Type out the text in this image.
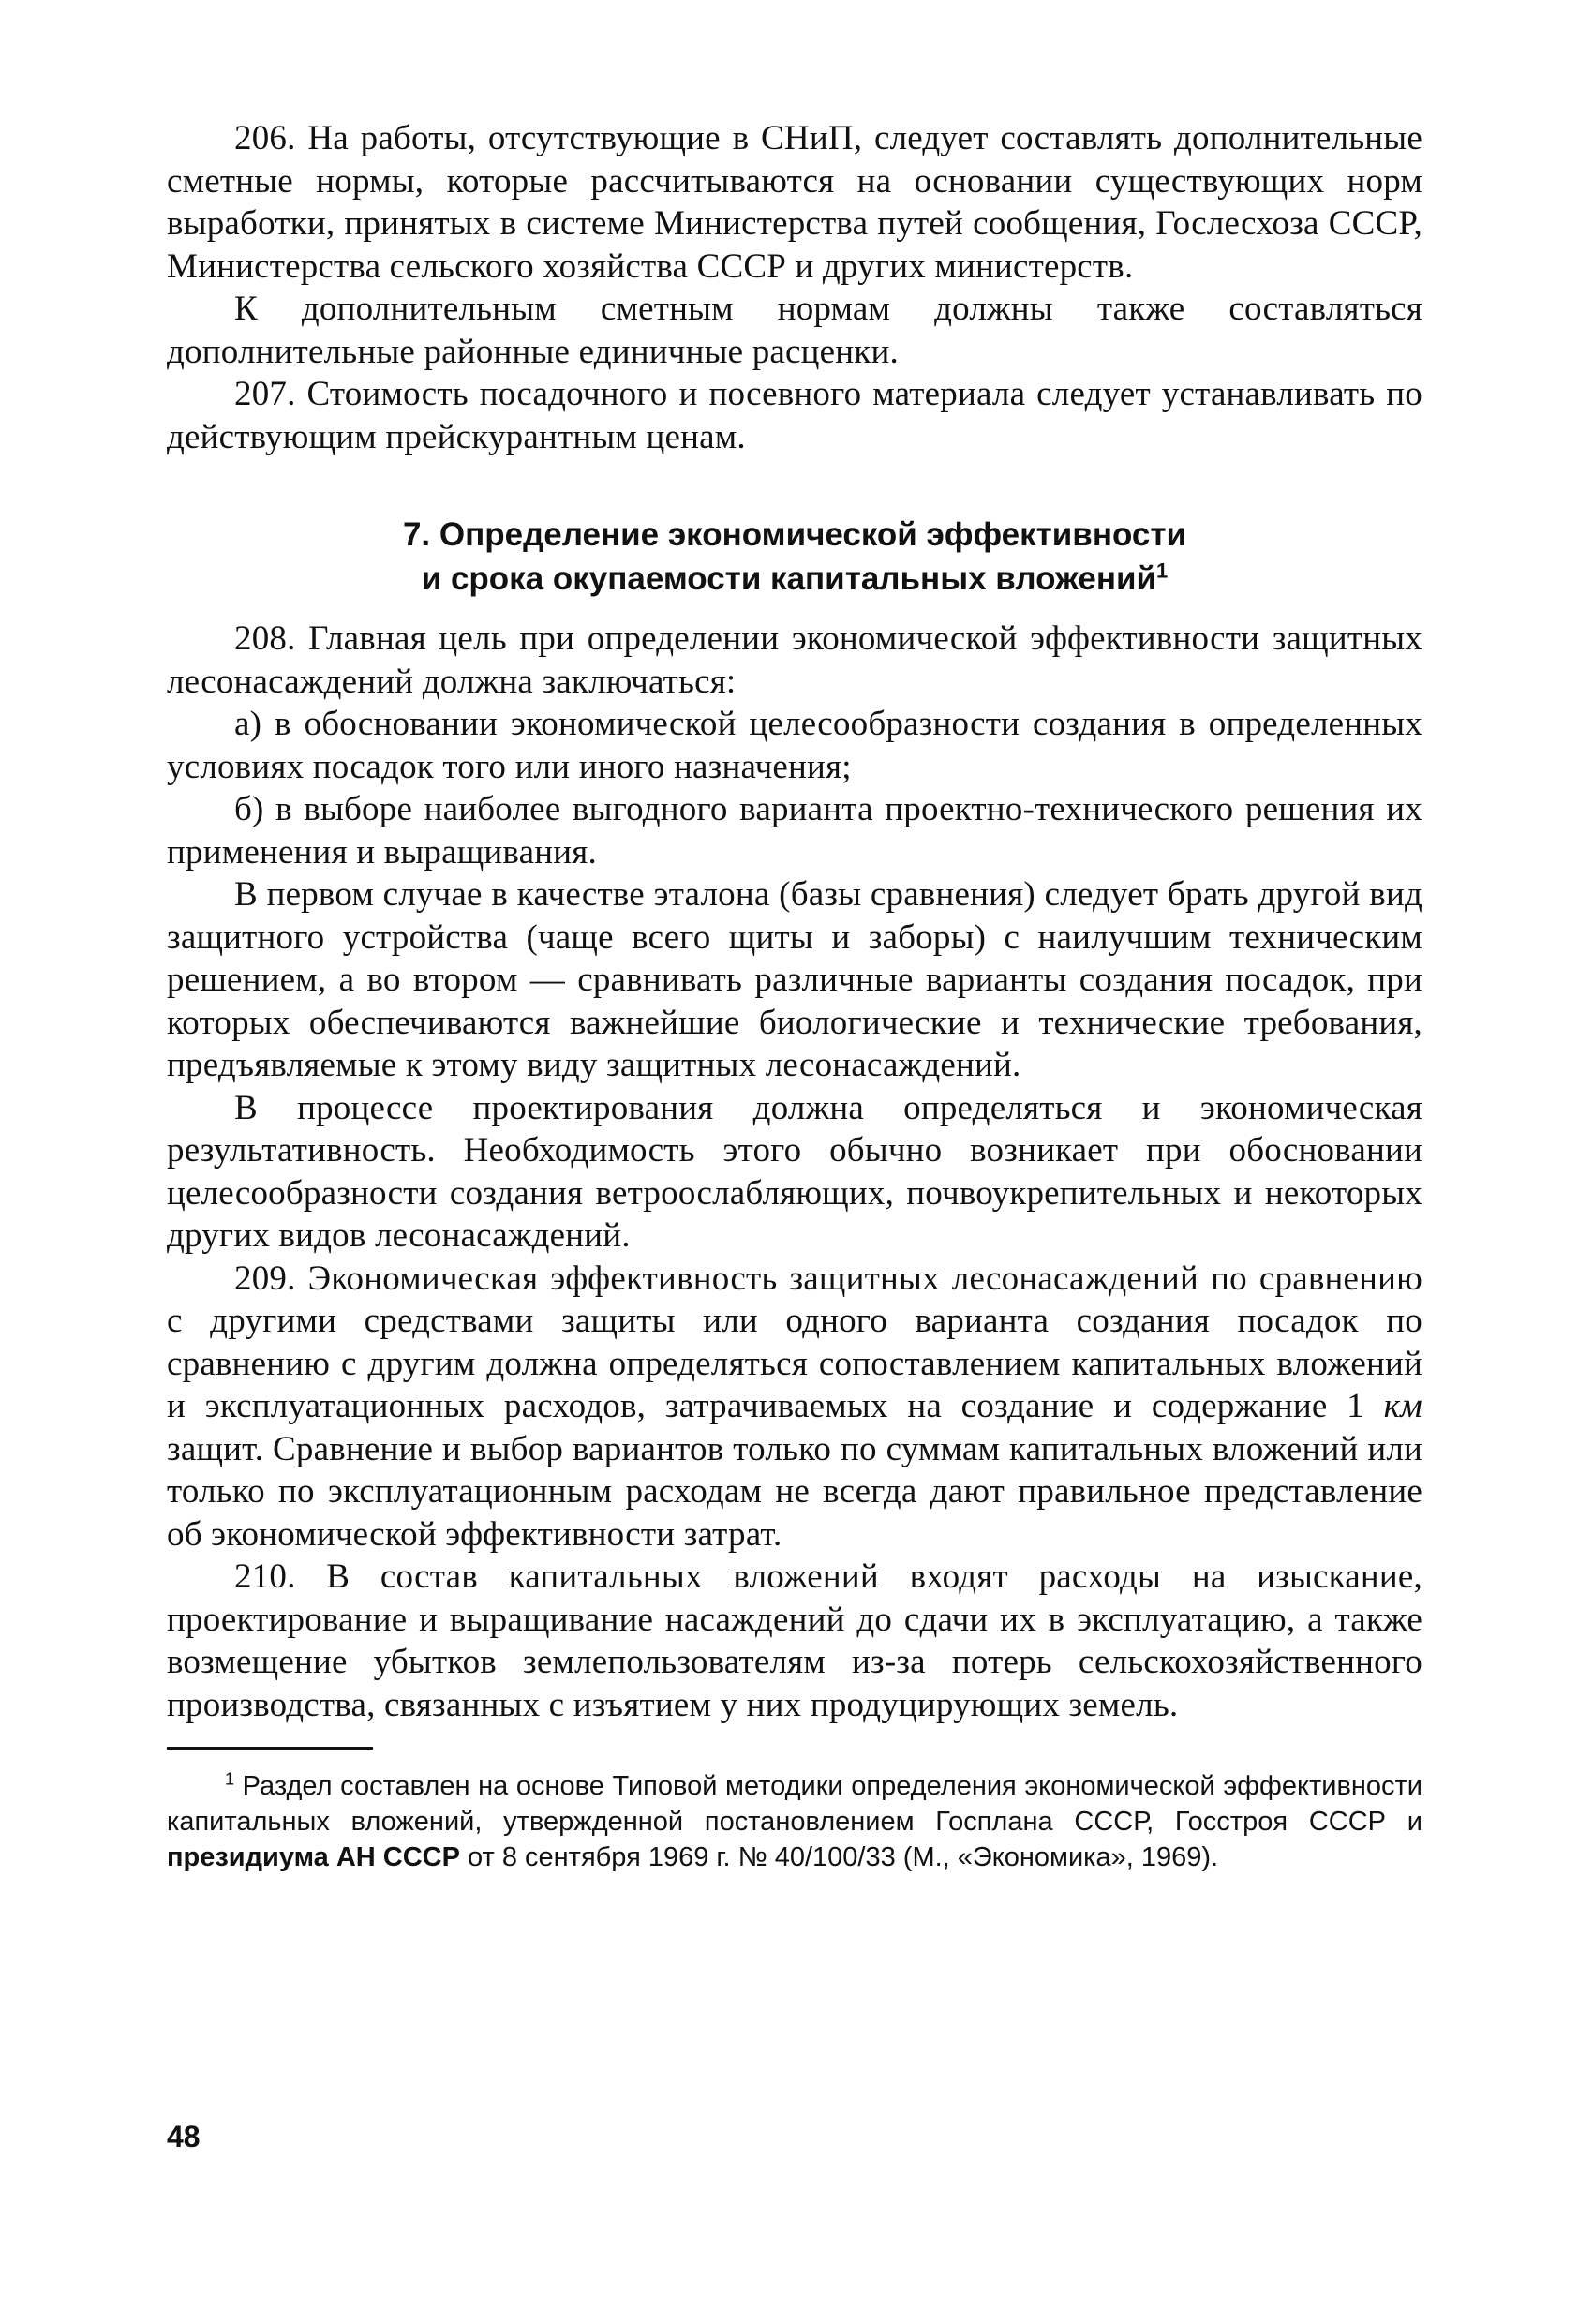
206. На работы, отсутствующие в СНиП, следует составлять дополнительные сметные нормы, которые рассчитываются на основании существующих норм выработки, принятых в системе Министерства путей сообщения, Гослесхоза СССР, Министерства сельского хозяйства СССР и других министерств.

К дополнительным сметным нормам должны также составляться дополнительные районные единичные расценки.

207. Стоимость посадочного и посевного материала следует устанавливать по действующим прейскурантным ценам.

7. Определение экономической эффективности
и срока окупаемости капитальных вложений$^1$

208. Главная цель при определении экономической эффективности защитных лесонасаждений должна заключаться:

а) в обосновании экономической целесообразности создания в определенных условиях посадок того или иного назначения;

б) в выборе наиболее выгодного варианта проектно-технического решения их применения и выращивания.

В первом случае в качестве эталона (базы сравнения) следует брать другой вид защитного устройства (чаще всего щиты и заборы) с наилучшим техническим решением, а во втором — сравнивать различные варианты создания посадок, при которых обеспечиваются важнейшие биологические и технические требования, предъявляемые к этому виду защитных лесонасаждений.

В процессе проектирования должна определяться и экономическая результативность. Необходимость этого обычно возникает при обосновании целесообразности создания ветроослабляющих, почвоукрепительных и некоторых других видов лесонасаждений.

209. Экономическая эффективность защитных лесонасаждений по сравнению с другими средствами защиты или одного варианта создания посадок по сравнению с другим должна определяться сопоставлением капитальных вложений и эксплуатационных расходов, затрачиваемых на создание и содержание 1 км защит. Сравнение и выбор вариантов только по суммам капитальных вложений или только по эксплуатационным расходам не всегда дают правильное представление об экономической эффективности затрат.

210. В состав капитальных вложений входят расходы на изыскание, проектирование и выращивание насаждений до сдачи их в эксплуатацию, а также возмещение убытков землепользователям из-за потерь сельскохозяйственного производства, связанных с изъятием у них продуцирующих земель.

$^1$ Раздел составлен на основе Типовой методики определения экономической эффективности капитальных вложений, утвержденной постановлением Госплана СССР, Госстроя СССР и президиума АН СССР от 8 сентября 1969 г. № 40/100/33 (М., «Экономика», 1969).

48
